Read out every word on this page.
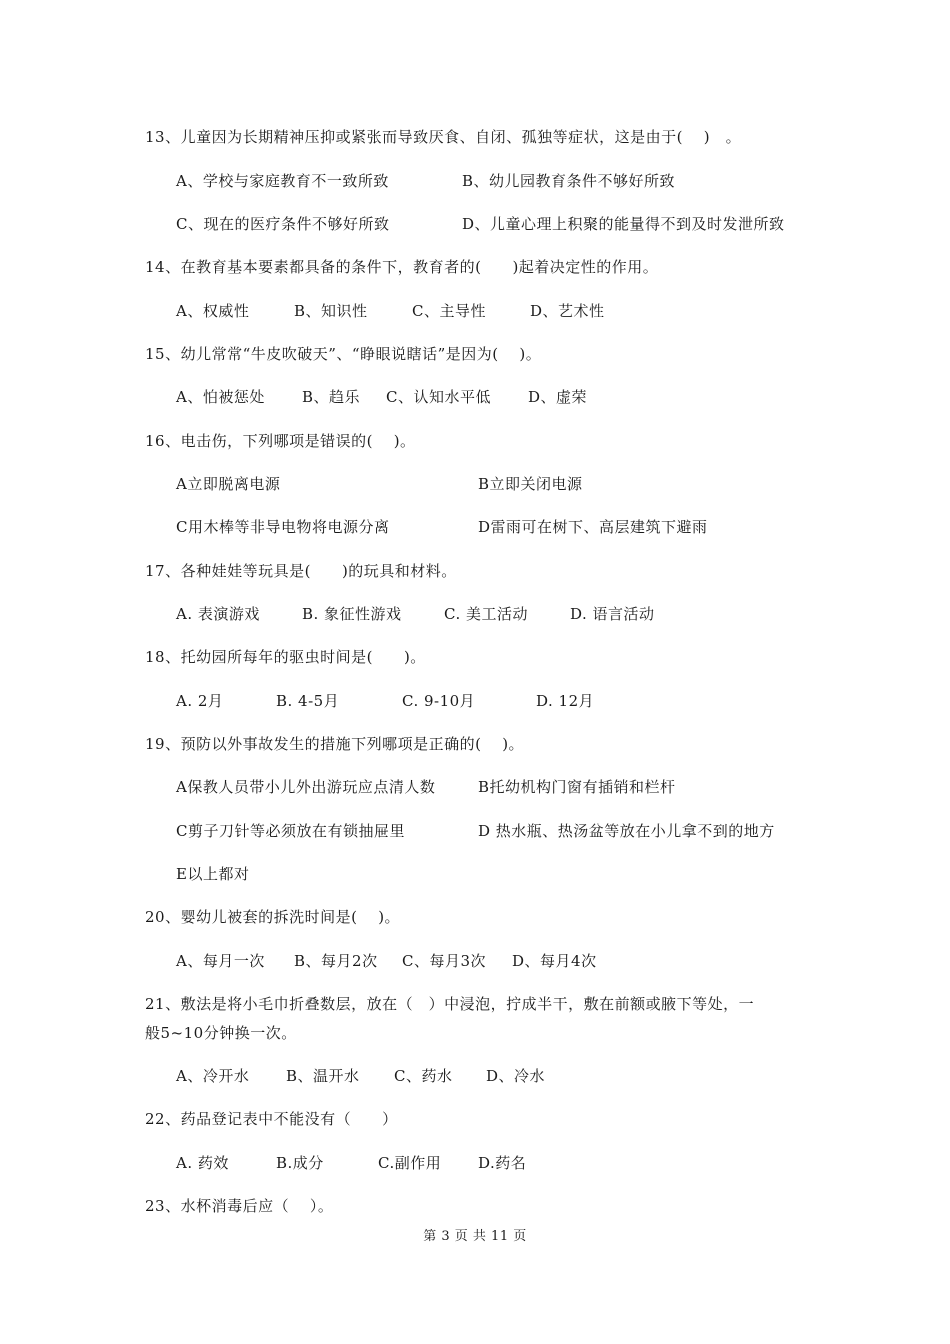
13、儿童因为长期精神压抑或紧张而导致厌食、自闭、孤独等症状，这是由于(　 )　。
A、学校与家庭教育不一致所致	B、幼儿园教育条件不够好所致
C、现在的医疗条件不够好所致	D、儿童心理上积聚的能量得不到及时发泄所致
14、在教育基本要素都具备的条件下，教育者的(　　)起着决定性的作用。
A、权威性	B、知识性	C、主导性	D、艺术性
15、幼儿常常“牛皮吹破天”、“睁眼说瞎话”是因为(　 )。
A、怕被惩处 B、趋乐 C、认知水平低 D、虚荣
16、电击伤，下列哪项是错误的(　 )。
A立即脱离电源	B立即关闭电源
C用木棒等非导电物将电源分离	D雷雨可在树下、高层建筑下避雨
17、各种娃娃等玩具是(　　)的玩具和材料。
A. 表演游戏	B. 象征性游戏	C. 美工活动	D. 语言活动
18、托幼园所每年的驱虫时间是(　　)。
A. 2月	B. 4-5月	C. 9-10月	D. 12月
19、预防以外事故发生的措施下列哪项是正确的(　 )。
A保教人员带小儿外出游玩应点清人数	B托幼机构门窗有插销和栏杆
C剪子刀针等必须放在有锁抽屉里	D 热水瓶、热汤盆等放在小儿拿不到的地方
E以上都对
20、婴幼儿被套的拆洗时间是(　 )。
A、每月一次 B、每月2次 C、每月3次 D、每月4次
21、敷法是将小毛巾折叠数层，放在（　）中浸泡，拧成半干，敷在前额或腋下等处，一
般5~10分钟换一次。
A、冷开水 B、温开水 C、药水 D、冷水
22、药品登记表中不能没有（　　）
A. 药效	B.成分	C.副作用 D.药名
23、水杯消毒后应（　 ）。
第 3 页 共 11 页
